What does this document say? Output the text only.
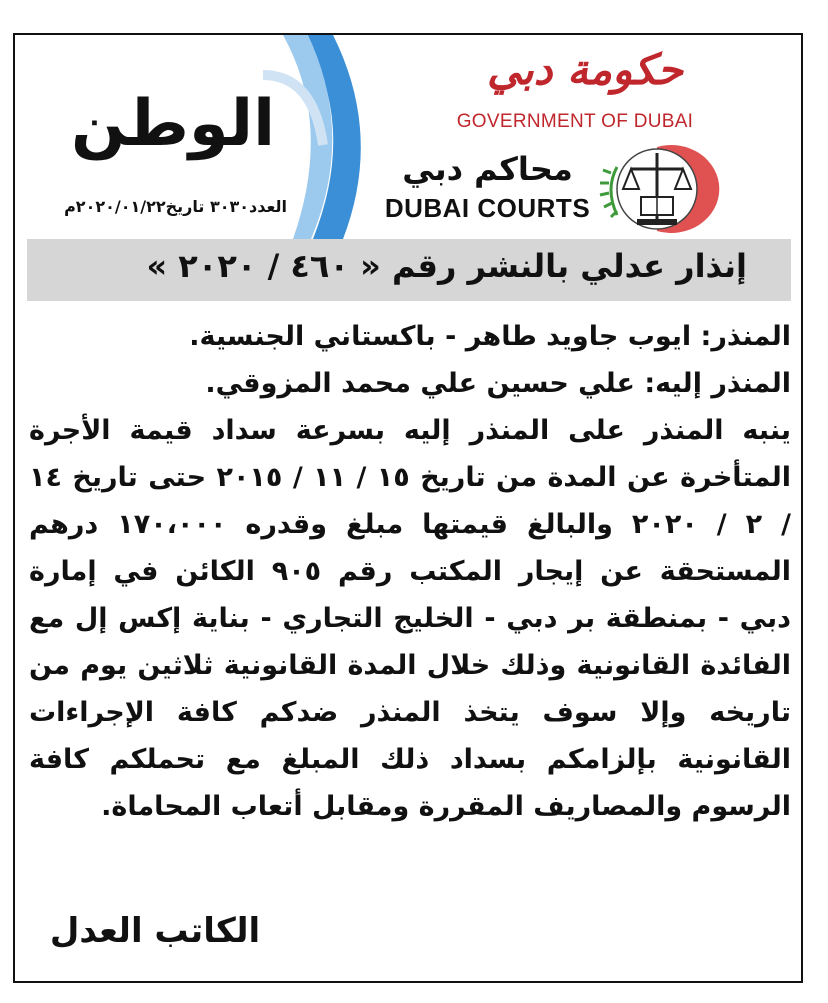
حكومة دبي
GOVERNMENT OF DUBAI
محاكم دبي
DUBAI COURTS
الوطن
العدد٣٠٣٠ تاريخ٢٠٢٠/٠١/٢٢م
إنذار عدلي بالنشر رقم « ٤٦٠ / ٢٠٢٠ »

المنذر: ايوب جاويد طاهر - باكستاني الجنسية.

المنذر إليه: علي حسين علي محمد المزوقي.

ينبه المنذر على المنذر إليه بسرعة سداد قيمة الأجرة المتأخرة عن المدة من تاريخ ١٥ / ١١ / ٢٠١٥ حتى تاريخ ١٤ / ٢ / ٢٠٢٠ والبالغ قيمتها مبلغ وقدره ١٧٠،٠٠٠ درهم المستحقة عن إيجار المكتب رقم ٩٠٥ الكائن في إمارة دبي - بمنطقة بر دبي - الخليج التجاري - بناية إكس إل مع الفائدة القانونية وذلك خلال المدة القانونية ثلاثين يوم من تاريخه وإلا سوف يتخذ المنذر ضدكم كافة الإجراءات القانونية بإلزامكم بسداد ذلك المبلغ مع تحملكم كافة الرسوم والمصاريف المقررة ومقابل أتعاب المحاماة.

الكاتب العدل
